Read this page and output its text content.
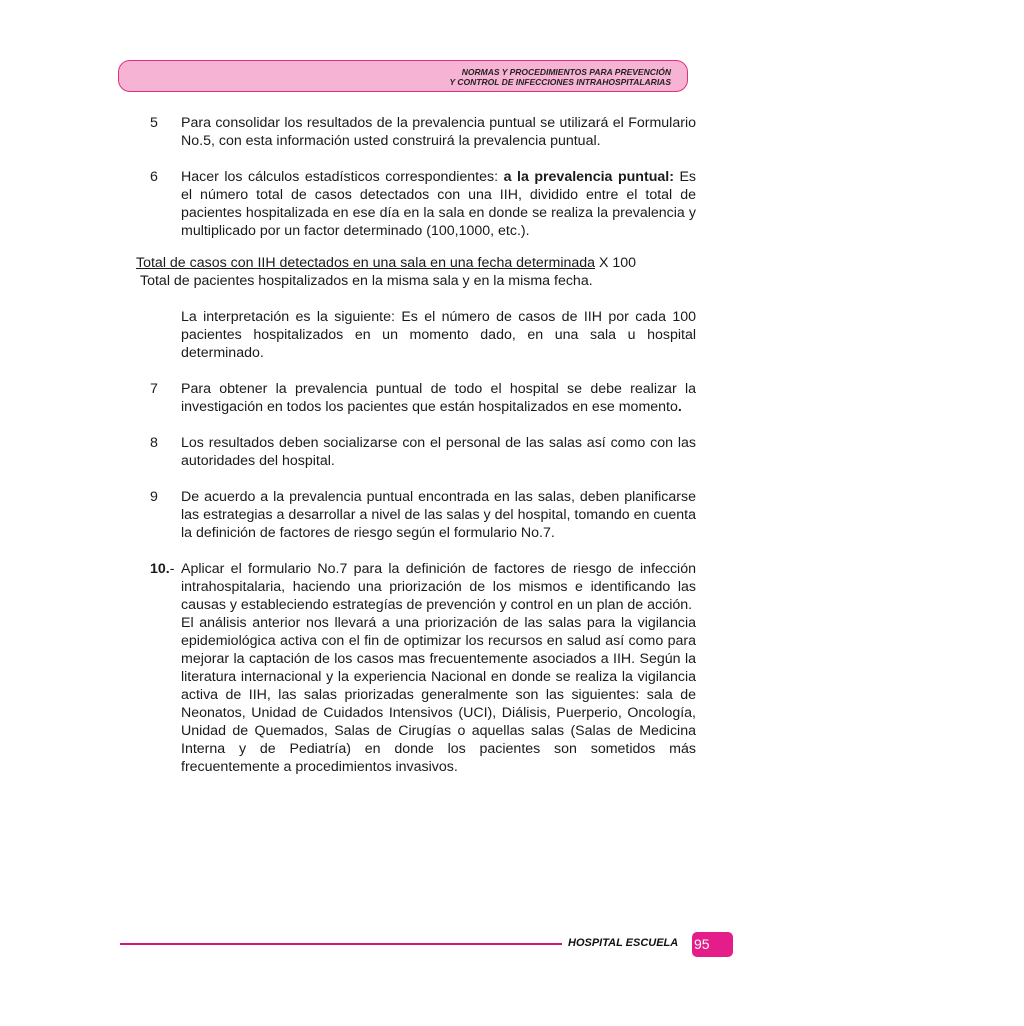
NORMAS Y PROCEDIMIENTOS PARA PREVENCIÓN
Y CONTROL DE INFECCIONES INTRAHOSPITALARIAS
5 Para consolidar los resultados de la prevalencia puntual se utilizará el Formulario No.5, con esta información usted construirá la prevalencia puntual.
6 Hacer los cálculos estadísticos correspondientes: a la prevalencia puntual: Es el número total de casos detectados con una IIH, dividido entre el total de pacientes hospitalizada en ese día en la sala en donde se realiza la prevalencia y multiplicado por un factor determinado (100,1000, etc.).
Total de casos con IIH detectados en una sala en una fecha determinada X 100
Total de pacientes hospitalizados en la misma sala y en la misma fecha.
La interpretación es la siguiente: Es el número de casos de IIH por cada 100 pacientes hospitalizados en un momento dado, en una sala u hospital determinado.
7 Para obtener la prevalencia puntual de todo el hospital se debe realizar la investigación en todos los pacientes que están hospitalizados en ese momento.
8 Los resultados deben socializarse con el personal de las salas así como con las autoridades del hospital.
9 De acuerdo a la prevalencia puntual encontrada en las salas, deben planificarse las estrategias a desarrollar a nivel de las salas y del hospital, tomando en cuenta la definición de factores de riesgo según el formulario No.7.
10.- Aplicar el formulario No.7 para la definición de factores de riesgo de infección intrahospitalaria, haciendo una priorización de los mismos e identificando las causas y estableciendo estrategías de prevención y control en un plan de acción.
El análisis anterior nos llevará a una priorización de las salas para la vigilancia epidemiológica activa con el fin de optimizar los recursos en salud así como para mejorar la captación de los casos mas frecuentemente asociados a IIH. Según la literatura internacional y la experiencia Nacional en donde se realiza la vigilancia activa de IIH, las salas priorizadas generalmente son las siguientes: sala de Neonatos, Unidad de Cuidados Intensivos (UCI), Diálisis, Puerperio, Oncología, Unidad de Quemados, Salas de Cirugías o aquellas salas (Salas de Medicina Interna y de Pediatría) en donde los pacientes son sometidos más frecuentemente a procedimientos invasivos.
HOSPITAL ESCUELA 95
